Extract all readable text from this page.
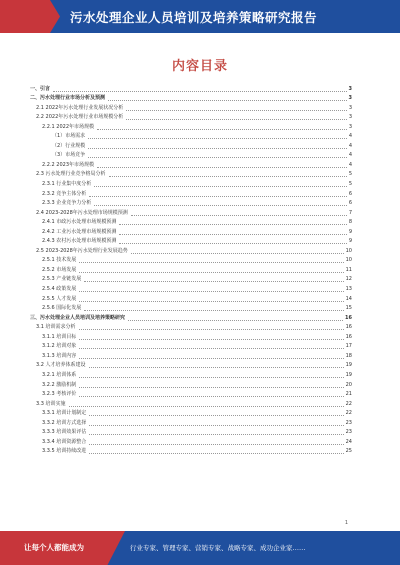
污水处理企业人员培训及培养策略研究报告
内容目录
一、引言	3
二、污水处理行业市场分析及预测	3
2.1 2022年污水处理行业发展状况分析	3
2.2 2022年污水处理行业市场规模分析	3
2.2.1 2022年市场规模	3
（1）市场需求	4
（2）行业规模	4
（3）市场竞争	4
2.2.2 2023年市场规模	4
2.3 污水处理行业竞争格局分析	5
2.3.1 行业集中度分析	5
2.3.2 竞争主体分析	6
2.3.3 企业竞争力分析	6
2.4 2023-2028年污水处理市场规模预测	7
2.4.1 市政污水处理市场规模预测	8
2.4.2 工业污水处理市场规模预测	9
2.4.3 农村污水处理市场规模预测	9
2.5 2023-2028年污水处理行业发展趋势	10
2.5.1 技术发展	10
2.5.2 市场发展	11
2.5.3 产业链发展	12
2.5.4 政策发展	13
2.5.5 人才发展	14
2.5.6 国际化发展	15
三、污水处理企业人员培训及培养策略研究	16
3.1 培训需求分析	16
3.1.1 培训目标	16
3.1.2 培训对象	17
3.1.3 培训内容	18
3.2 人才培养体系建设	19
3.2.1 培训体系	19
3.2.2 激励机制	20
3.2.3 考核评价	21
3.3 培训实施	22
3.3.1 培训计划制定	22
3.3.2 培训方式选择	23
3.3.3 培训效果评估	23
3.3.4 培训资源整合	24
3.3.5 培训持续改进	25
1
让每个人都能成为	行业专家、管理专家、营销专家、战略专家、成功企业家……
